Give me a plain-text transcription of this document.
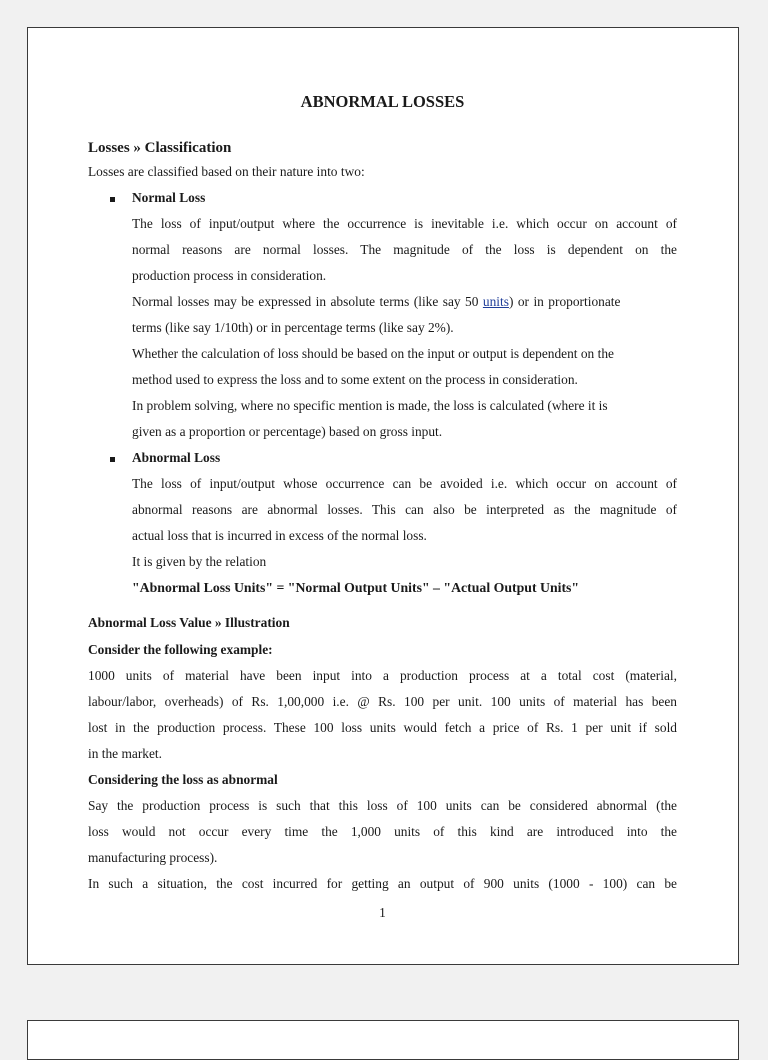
ABNORMAL LOSSES
Losses » Classification
Losses are classified based on their nature into two:
Normal Loss
The loss of input/output where the occurrence is inevitable i.e. which occur on account of
normal reasons are normal losses. The magnitude of the loss is dependent on the
production process in consideration.
Normal losses may be expressed in absolute terms (like say 50 units) or in proportionate
terms (like say 1/10th) or in percentage terms (like say 2%).
Whether the calculation of loss should be based on the input or output is dependent on the
method used to express the loss and to some extent on the process in consideration.
In problem solving, where no specific mention is made, the loss is calculated (where it is
given as a proportion or percentage) based on gross input.
Abnormal Loss
The loss of input/output whose occurrence can be avoided i.e. which occur on account of
abnormal reasons are abnormal losses. This can also be interpreted as the magnitude of
actual loss that is incurred in excess of the normal loss.
It is given by the relation
"Abnormal Loss Units" = "Normal Output Units" – "Actual Output Units"
Abnormal Loss Value » Illustration
Consider the following example:
1000 units of material have been input into a production process at a total cost (material,
labour/labor, overheads) of Rs. 1,00,000 i.e. @ Rs. 100 per unit. 100 units of material has been
lost in the production process. These 100 loss units would fetch a price of Rs. 1 per unit if sold
in the market.
Considering the loss as abnormal
Say the production process is such that this loss of 100 units can be considered abnormal (the
loss would not occur every time the 1,000 units of this kind are introduced into the
manufacturing process).
In such a situation, the cost incurred for getting an output of 900 units (1000 - 100) can be
1
